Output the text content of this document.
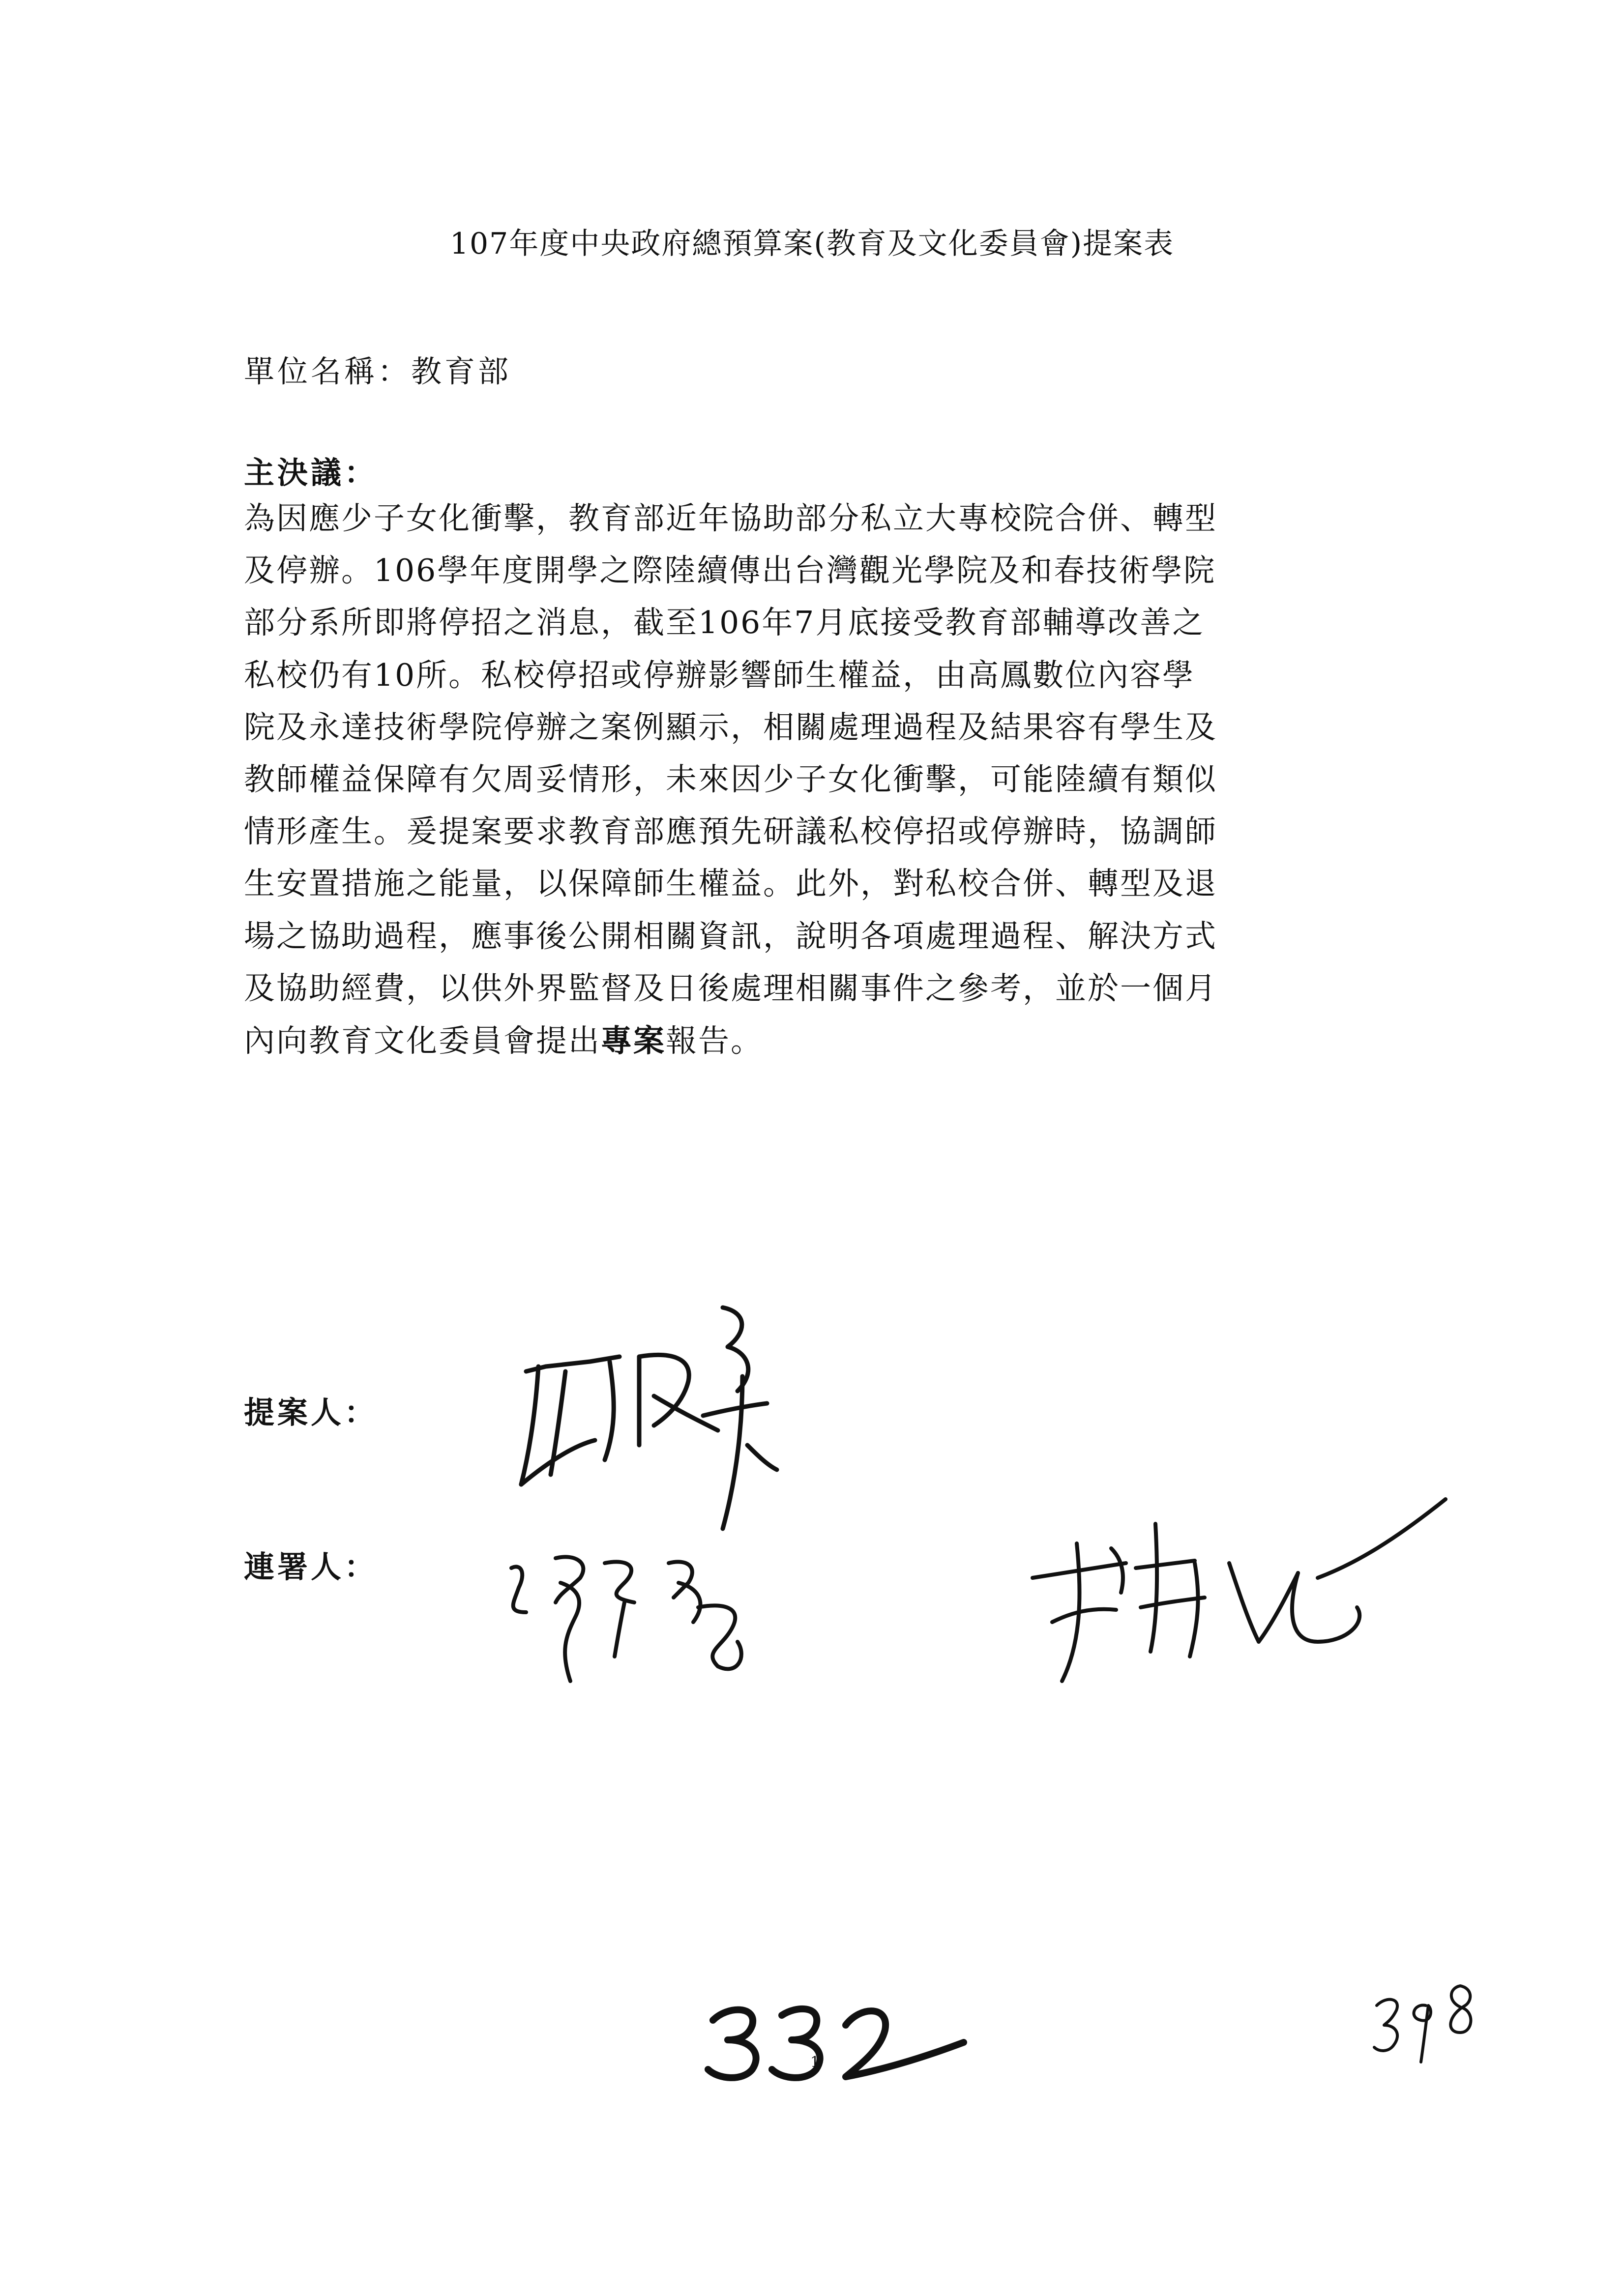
107年度中央政府總預算案(教育及文化委員會)提案表
單位名稱：教育部
主決議：
為因應少子女化衝擊，教育部近年協助部分私立大專校院合併、轉型
及停辦。106學年度開學之際陸續傳出台灣觀光學院及和春技術學院
部分系所即將停招之消息，截至106年7月底接受教育部輔導改善之
私校仍有10所。私校停招或停辦影響師生權益，由高鳳數位內容學
院及永達技術學院停辦之案例顯示，相關處理過程及結果容有學生及
教師權益保障有欠周妥情形，未來因少子女化衝擊，可能陸續有類似
情形產生。爰提案要求教育部應預先研議私校停招或停辦時，協調師
生安置措施之能量，以保障師生權益。此外，對私校合併、轉型及退
場之協助過程，應事後公開相關資訊，說明各項處理過程、解決方式
及協助經費，以供外界監督及日後處理相關事件之參考，並於一個月
內向教育文化委員會提出專案報告。
提案人：
連署人：
1
